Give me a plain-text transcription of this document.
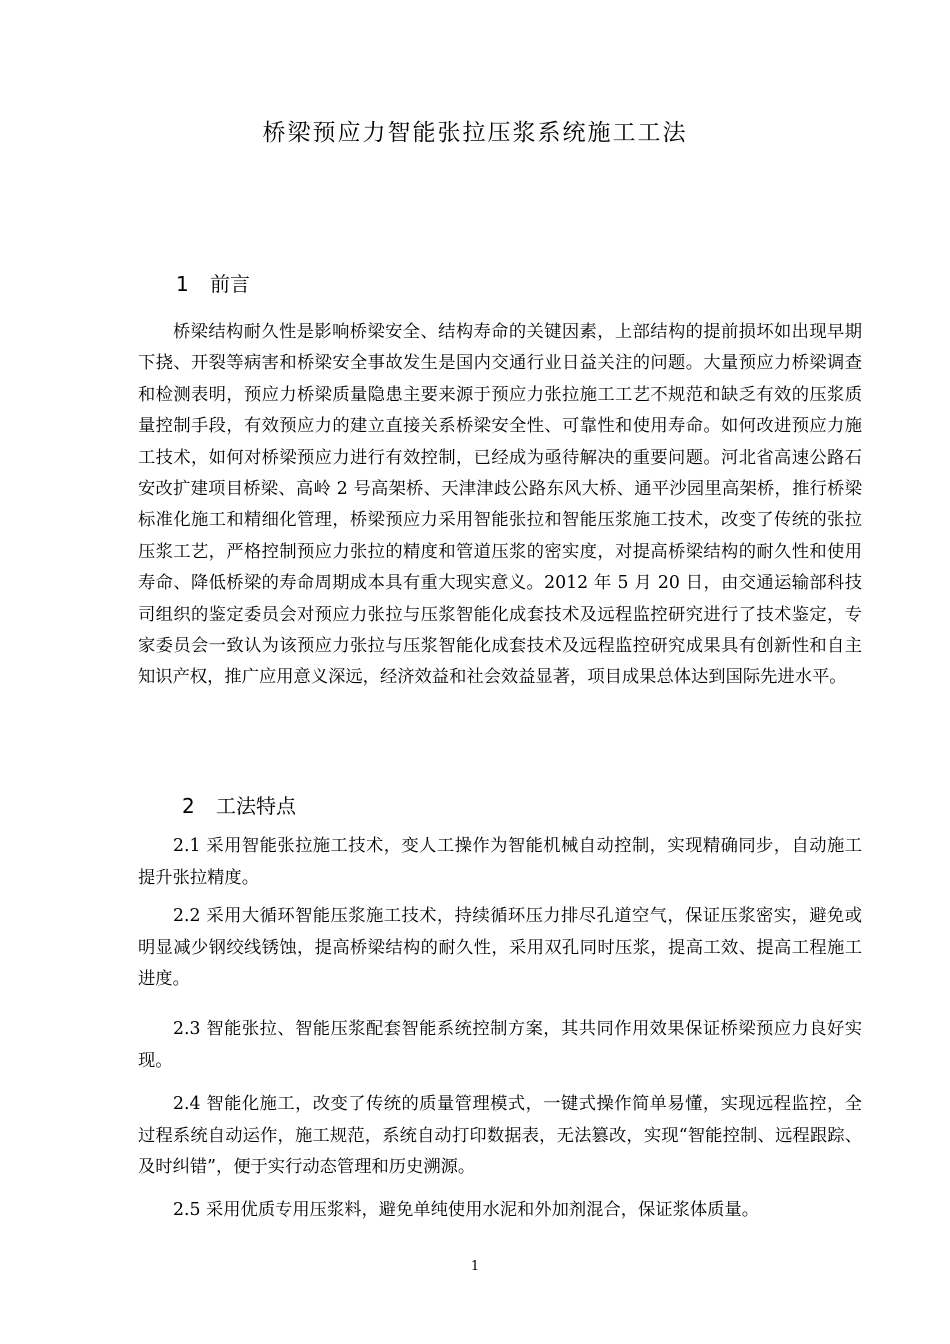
桥梁预应力智能张拉压浆系统施工工法
1 前言

桥梁结构耐久性是影响桥梁安全、结构寿命的关键因素，上部结构的提前损坏如出现早期下挠、开裂等病害和桥梁安全事故发生是国内交通行业日益关注的问题。大量预应力桥梁调查和检测表明，预应力桥梁质量隐患主要来源于预应力张拉施工工艺不规范和缺乏有效的压浆质量控制手段，有效预应力的建立直接关系桥梁安全性、可靠性和使用寿命。如何改进预应力施工技术，如何对桥梁预应力进行有效控制，已经成为亟待解决的重要问题。河北省高速公路石安改扩建项目桥梁、高岭 2 号高架桥、天津津歧公路东风大桥、通平沙园里高架桥，推行桥梁标准化施工和精细化管理，桥梁预应力采用智能张拉和智能压浆施工技术，改变了传统的张拉压浆工艺，严格控制预应力张拉的精度和管道压浆的密实度，对提高桥梁结构的耐久性和使用寿命、降低桥梁的寿命周期成本具有重大现实意义。2012 年 5 月 20 日，由交通运输部科技司组织的鉴定委员会对预应力张拉与压浆智能化成套技术及远程监控研究进行了技术鉴定，专家委员会一致认为该预应力张拉与压浆智能化成套技术及远程监控研究成果具有创新性和自主知识产权，推广应用意义深远，经济效益和社会效益显著，项目成果总体达到国际先进水平。

2 工法特点

2.1 采用智能张拉施工技术，变人工操作为智能机械自动控制，实现精确同步，自动施工提升张拉精度。

2.2 采用大循环智能压浆施工技术，持续循环压力排尽孔道空气，保证压浆密实，避免或明显减少钢绞线锈蚀，提高桥梁结构的耐久性，采用双孔同时压浆，提高工效、提高工程施工进度。

2.3 智能张拉、智能压浆配套智能系统控制方案，其共同作用效果保证桥梁预应力良好实现。

2.4 智能化施工，改变了传统的质量管理模式，一键式操作简单易懂，实现远程监控，全过程系统自动运作，施工规范，系统自动打印数据表，无法篡改，实现“智能控制、远程跟踪、及时纠错”，便于实行动态管理和历史溯源。

2.5 采用优质专用压浆料，避免单纯使用水泥和外加剂混合，保证浆体质量。

1
